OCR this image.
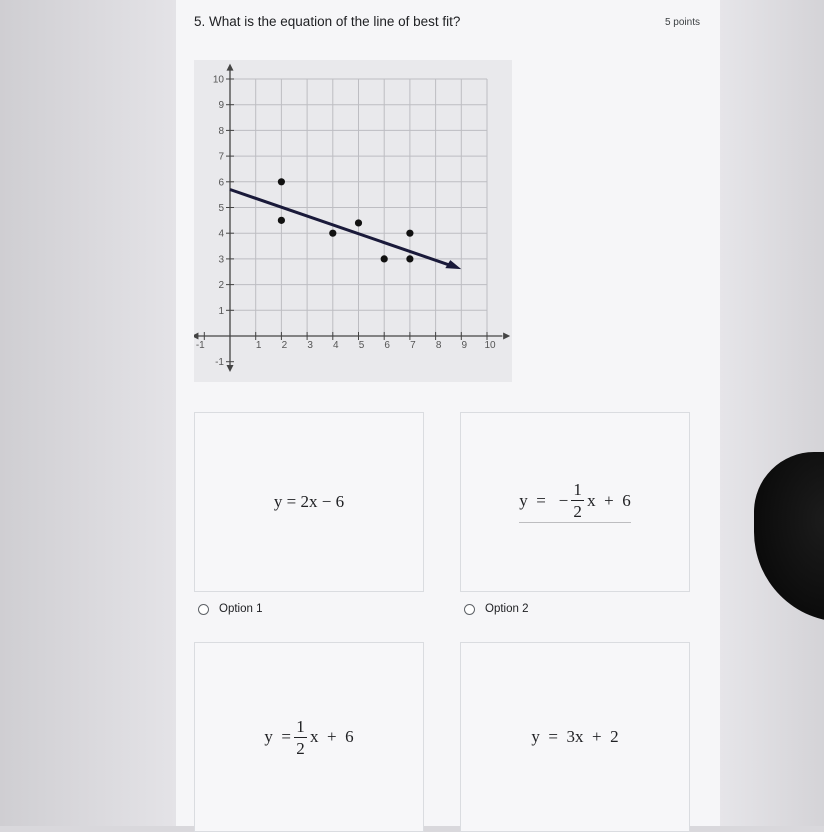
5. What is the equation of the line of best fit?	5 points
-1	1 2 3 4 5 6 7 8 9 10
10
9
8
7
6
5
4
3
2
1
-1
y = 2x − 6
Option 1
y  =   − $\frac{1}{2}$ x  +  6
Option 2
$y = \frac{1}{2}$ x  +  6	y  =  3x  +  2
